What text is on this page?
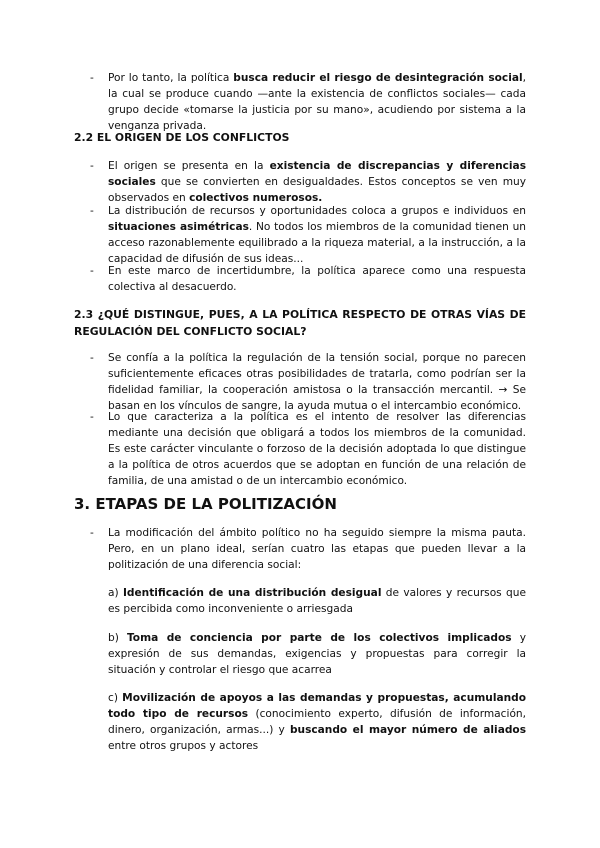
- Por lo tanto, la política busca reducir el riesgo de desintegración social, la cual se produce cuando —ante la existencia de conflictos sociales— cada grupo decide «tomarse la justicia por su mano», acudiendo por sistema a la venganza privada.

2.2 EL ORIGEN DE LOS CONFLICTOS

- El origen se presenta en la existencia de discrepancias y diferencias sociales que se convierten en desigualdades. Estos conceptos se ven muy observados en colectivos numerosos.

- La distribución de recursos y oportunidades coloca a grupos e individuos en situaciones asimétricas. No todos los miembros de la comunidad tienen un acceso razonablemente equilibrado a la riqueza material, a la instrucción, a la capacidad de difusión de sus ideas...

- En este marco de incertidumbre, la política aparece como una respuesta colectiva al desacuerdo.

2.3 ¿QUÉ DISTINGUE, PUES, A LA POLÍTICA RESPECTO DE OTRAS VÍAS DE REGULACIÓN DEL CONFLICTO SOCIAL?

- Se confía a la política la regulación de la tensión social, porque no parecen suficientemente eficaces otras posibilidades de tratarla, como podrían ser la fidelidad familiar, la cooperación amistosa o la transacción mercantil. → Se basan en los vínculos de sangre, la ayuda mutua o el intercambio económico.

- Lo que caracteriza a la política es el intento de resolver las diferencias mediante una decisión que obligará a todos los miembros de la comunidad. Es este carácter vinculante o forzoso de la decisión adoptada lo que distingue a la política de otros acuerdos que se adoptan en función de una relación de familia, de una amistad o de un intercambio económico.

3. ETAPAS DE LA POLITIZACIÓN

- La modificación del ámbito político no ha seguido siempre la misma pauta. Pero, en un plano ideal, serían cuatro las etapas que pueden llevar a la politización de una diferencia social:

a) Identificación de una distribución desigual de valores y recursos que es percibida como inconveniente o arriesgada

b) Toma de conciencia por parte de los colectivos implicados y expresión de sus demandas, exigencias y propuestas para corregir la situación y controlar el riesgo que acarrea

c) Movilización de apoyos a las demandas y propuestas, acumulando todo tipo de recursos (conocimiento experto, difusión de información, dinero, organización, armas...) y buscando el mayor número de aliados entre otros grupos y actores
